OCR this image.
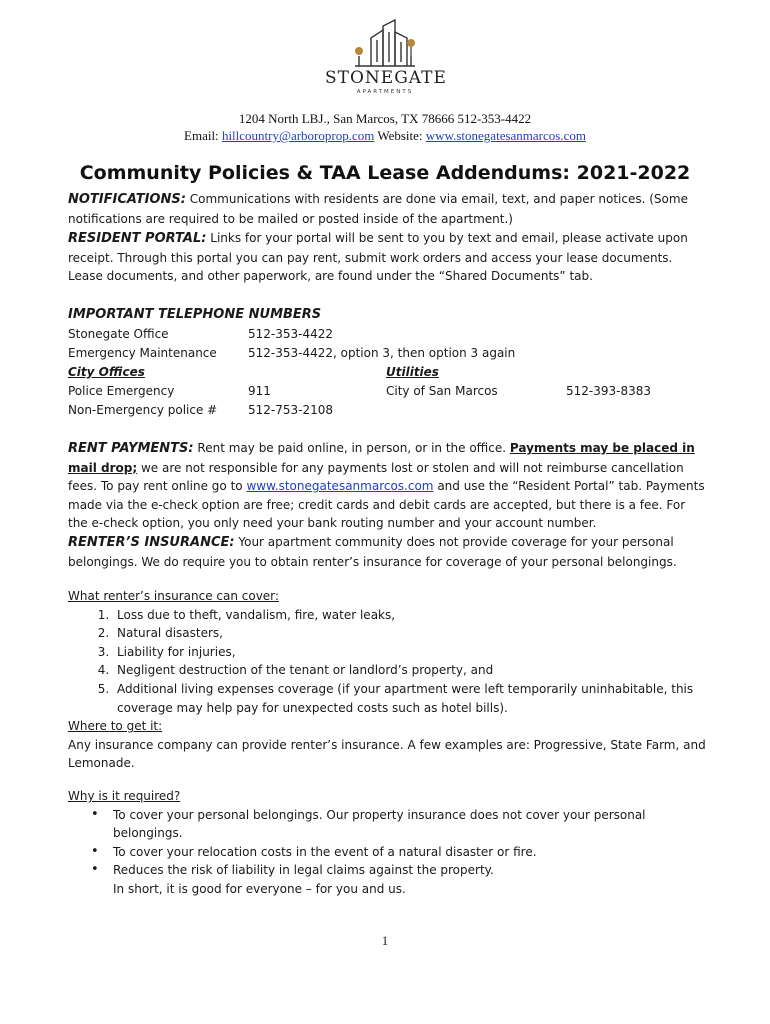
STONEGATE
APARTMENTS
1204 North LBJ., San Marcos, TX 78666 512-353-4422
Email: hillcountry@arboroprop.com Website: www.stonegatesanmarcos.com
Community Policies & TAA Lease Addendums: 2021-2022
NOTIFICATIONS: Communications with residents are done via email, text, and paper notices. (Some notifications are required to be mailed or posted inside of the apartment.)
RESIDENT PORTAL: Links for your portal will be sent to you by text and email, please activate upon receipt. Through this portal you can pay rent, submit work orders and access your lease documents. Lease documents, and other paperwork, are found under the “Shared Documents” tab.
IMPORTANT TELEPHONE NUMBERS
Stonegate Office	512-353-4422
Emergency Maintenance	512-353-4422, option 3, then option 3 again
City Offices	Utilities
Police Emergency	911	City of San Marcos	512-393-8383
Non-Emergency police #	512-753-2108
RENT PAYMENTS: Rent may be paid online, in person, or in the office. Payments may be placed in mail drop; we are not responsible for any payments lost or stolen and will not reimburse cancellation fees. To pay rent online go to www.stonegatesanmarcos.com and use the “Resident Portal” tab. Payments made via the e-check option are free; credit cards and debit cards are accepted, but there is a fee. For the e-check option, you only need your bank routing number and your account number.
RENTER’S INSURANCE: Your apartment community does not provide coverage for your personal belongings. We do require you to obtain renter’s insurance for coverage of your personal belongings.
What renter’s insurance can cover:
1. Loss due to theft, vandalism, fire, water leaks,
2. Natural disasters,
3. Liability for injuries,
4. Negligent destruction of the tenant or landlord’s property, and
5. Additional living expenses coverage (if your apartment were left temporarily uninhabitable, this coverage may help pay for unexpected costs such as hotel bills).
Where to get it:
Any insurance company can provide renter’s insurance. A few examples are: Progressive, State Farm, and Lemonade.
Why is it required?
• To cover your personal belongings. Our property insurance does not cover your personal belongings.
• To cover your relocation costs in the event of a natural disaster or fire.
• Reduces the risk of liability in legal claims against the property.
In short, it is good for everyone – for you and us.
1
